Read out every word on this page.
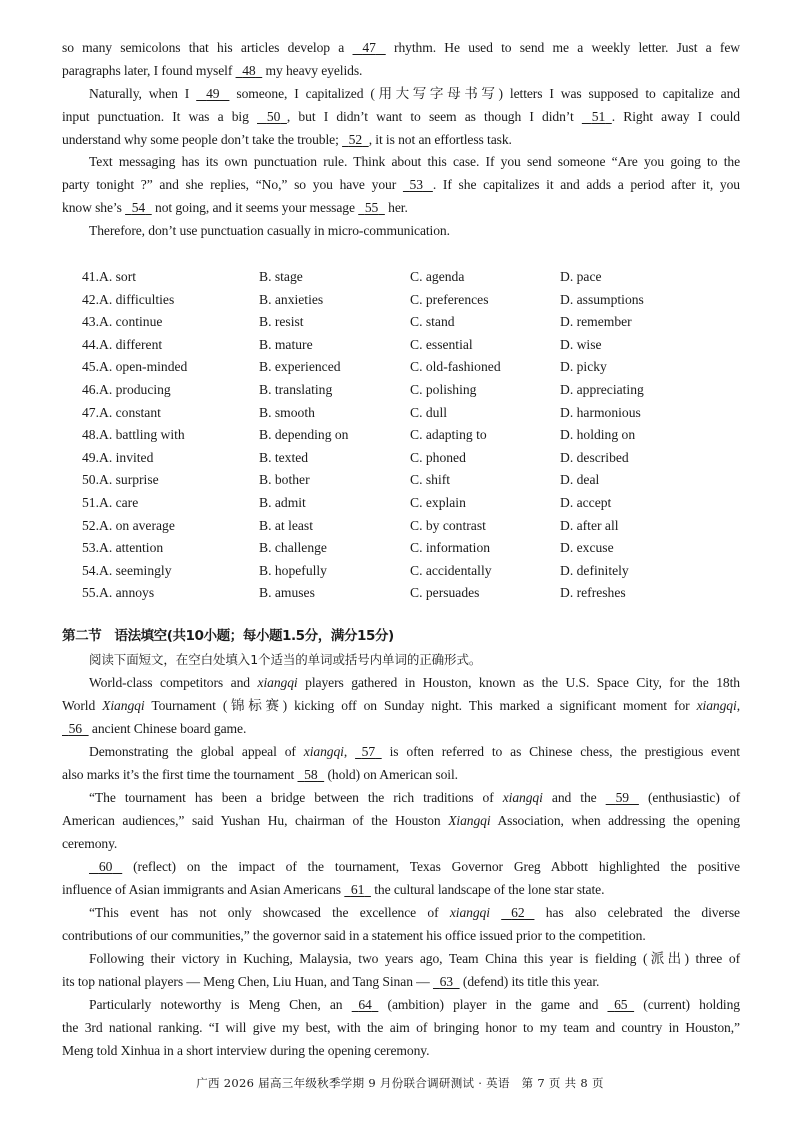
so many semicolons that his articles develop a    47    rhythm. He used to send me a weekly letter. Just a few
paragraphs later, I found myself   48   my heavy eyelids.
Naturally, when I    49    someone, I capitalized (用大写字母书写) letters I was supposed to capitalize and
input punctuation. It was a big    50 , but I didn’t want to seem as though I didn’t    51 . Right away I could
understand why some people don’t take the trouble;   52 , it is not an effortless task.
Text messaging has its own punctuation rule. Think about this case. If you send someone “Are you going to the
party tonight ?” and she replies, “No,” so you have your   53 . If she capitalizes it and adds a period after it, you
know she’s   54   not going, and it seems your message   55   her.
Therefore, don’t use punctuation casually in micro-communication.
41.A. sort	B. stage	C. agenda	D. pace
42.A. difficulties	B. anxieties	C. preferences	D. assumptions
43.A. continue	B. resist	C. stand	D. remember
44.A. different	B. mature	C. essential	D. wise
45.A. open-minded	B. experienced	C. old-fashioned	D. picky
46.A. producing	B. translating	C. polishing	D. appreciating
47.A. constant	B. smooth	C. dull	D. harmonious
48.A. battling with	B. depending on	C. adapting to	D. holding on
49.A. invited	B. texted	C. phoned	D. described
50.A. surprise	B. bother	C. shift	D. deal
51.A. care	B. admit	C. explain	D. accept
52.A. on average	B. at least	C. by contrast	D. after all
53.A. attention	B. challenge	C. information	D. excuse
54.A. seemingly	B. hopefully	C. accidentally	D. definitely
55.A. annoys	B. amuses	C. persuades	D. refreshes
第二节　语法填空(共10小题；每小题1.5分，满分15分)
阅读下面短文，在空白处填入1个适当的单词或括号内单词的正确形式。
World-class competitors and xiangqi players gathered in Houston, known as the U.S. Space City, for the 18th
World Xiangqi Tournament (锦标赛) kicking off on Sunday night. This marked a significant moment for xiangqi,
56   ancient Chinese board game.
Demonstrating the global appeal of xiangqi,   57   is often referred to as Chinese chess, the prestigious event
also marks it’s the first time the tournament   58   (hold) on American soil.
“The tournament has been a bridge between the rich traditions of xiangqi and the    59    (enthusiastic) of
American audiences,” said Yushan Hu, chairman of the Houston Xiangqi Association, when addressing the opening
ceremony.
60    (reflect) on the impact of the tournament, Texas Governor Greg Abbott highlighted the positive
influence of Asian immigrants and Asian Americans   61   the cultural landscape of the lone star state.
“This event has not only showcased the excellence of xiangqi 62    has also celebrated the diverse
contributions of our communities,” the governor said in a statement his office issued prior to the competition.
Following their victory in Kuching, Malaysia, two years ago, Team China this year is fielding (派出) three of
its top national players — Meng Chen, Liu Huan, and Tang Sinan —   63   (defend) its title this year.
Particularly noteworthy is Meng Chen, an   64   (ambition) player in the game and   65   (current) holding
the 3rd national ranking. “I will give my best, with the aim of bringing honor to my team and country in Houston,”
Meng told Xinhua in a short interview during the opening ceremony.
广西 2026 届高三年级秋季学期 9 月份联合调研测试 · 英语　第 7 页 共 8 页
